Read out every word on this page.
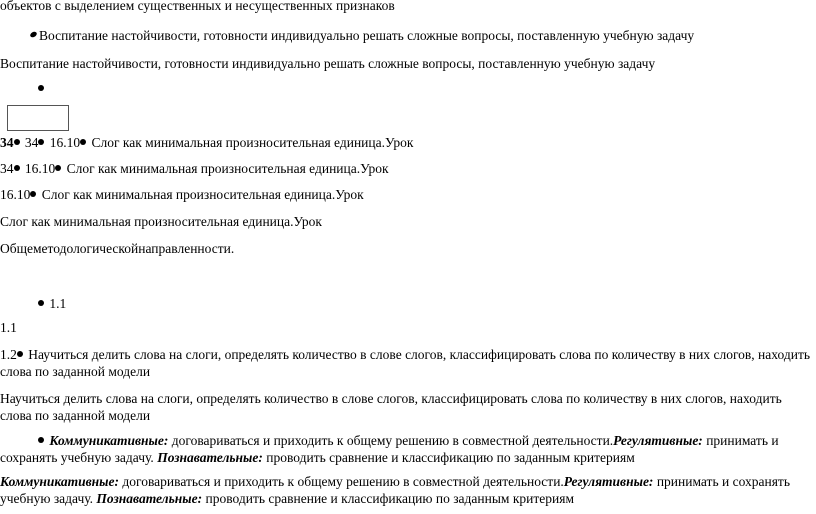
объектов с выделением существенных и несущественных признаков
Воспитание настойчивости, готовности индивидуально решать сложные вопросы, поставленную учебную задачу
Воспитание настойчивости, готовности индивидуально решать сложные вопросы, поставленную учебную задачу
34 34 16.10 Слог как минимальная произносительная единица.Урок
34 16.10 Слог как минимальная произносительная единица.Урок
16.10 Слог как минимальная произносительная единица.Урок
Слог как минимальная произносительная единица.Урок
Общеметодологическойнаправленности.
1.1
1.1
1.2 Научиться делить слова на слоги, определять количество в слове слогов, классифицировать слова по количеству в них слогов, находить слова по заданной модели
Научиться делить слова на слоги, определять количество в слове слогов, классифицировать слова по количеству в них слогов, находить слова по заданной модели
Коммуникативные: договариваться и приходить к общему решению в совместной деятельности.Регулятивные: принимать и сохранять учебную задачу. Познавательные: проводить сравнение и классификацию по заданным критериям
Коммуникативные: договариваться и приходить к общему решению в совместной деятельности.Регулятивные: принимать и сохранять учебную задачу. Познавательные: проводить сравнение и классификацию по заданным критериям
